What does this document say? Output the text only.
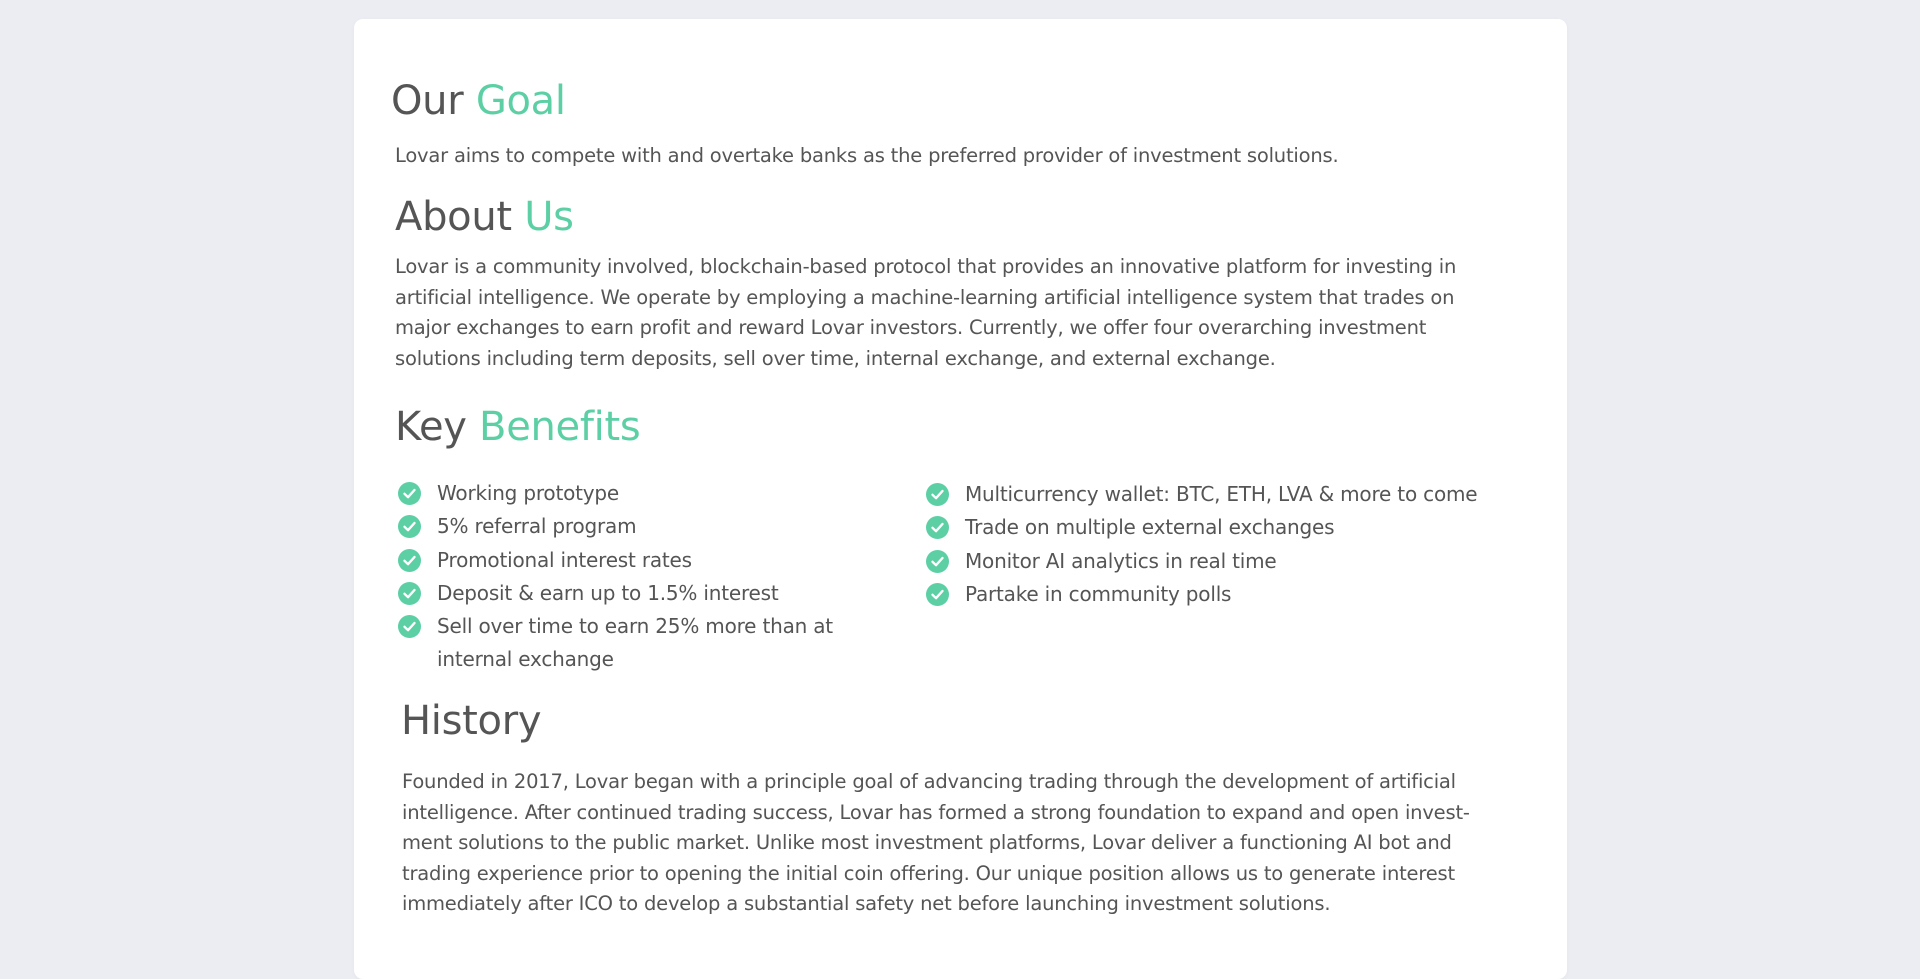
Our Goal

Lovar aims to compete with and overtake banks as the preferred provider of investment solutions.

About Us

Lovar is a community involved, blockchain-based protocol that provides an innovative platform for investing in artificial intelligence. We operate by employing a machine-learning artificial intelligence system that trades on major exchanges to earn profit and reward Lovar investors. Currently, we offer four overarching investment solutions including term deposits, sell over time, internal exchange, and external exchange.

Key Benefits
Working prototype
5% referral program
Promotional interest rates
Deposit & earn up to 1.5% interest
Sell over time to earn 25% more than at internal exchange
Multicurrency wallet: BTC, ETH, LVA & more to come
Trade on multiple external exchanges
Monitor AI analytics in real time
Partake in community polls
History

Founded in 2017, Lovar began with a principle goal of advancing trading through the development of artificial intelligence. After continued trading success, Lovar has formed a strong foundation to expand and open invest-ment solutions to the public market. Unlike most investment platforms, Lovar deliver a functioning AI bot and trading experience prior to opening the initial coin offering. Our unique position allows us to generate interest immediately after ICO to develop a substantial safety net before launching investment solutions.
